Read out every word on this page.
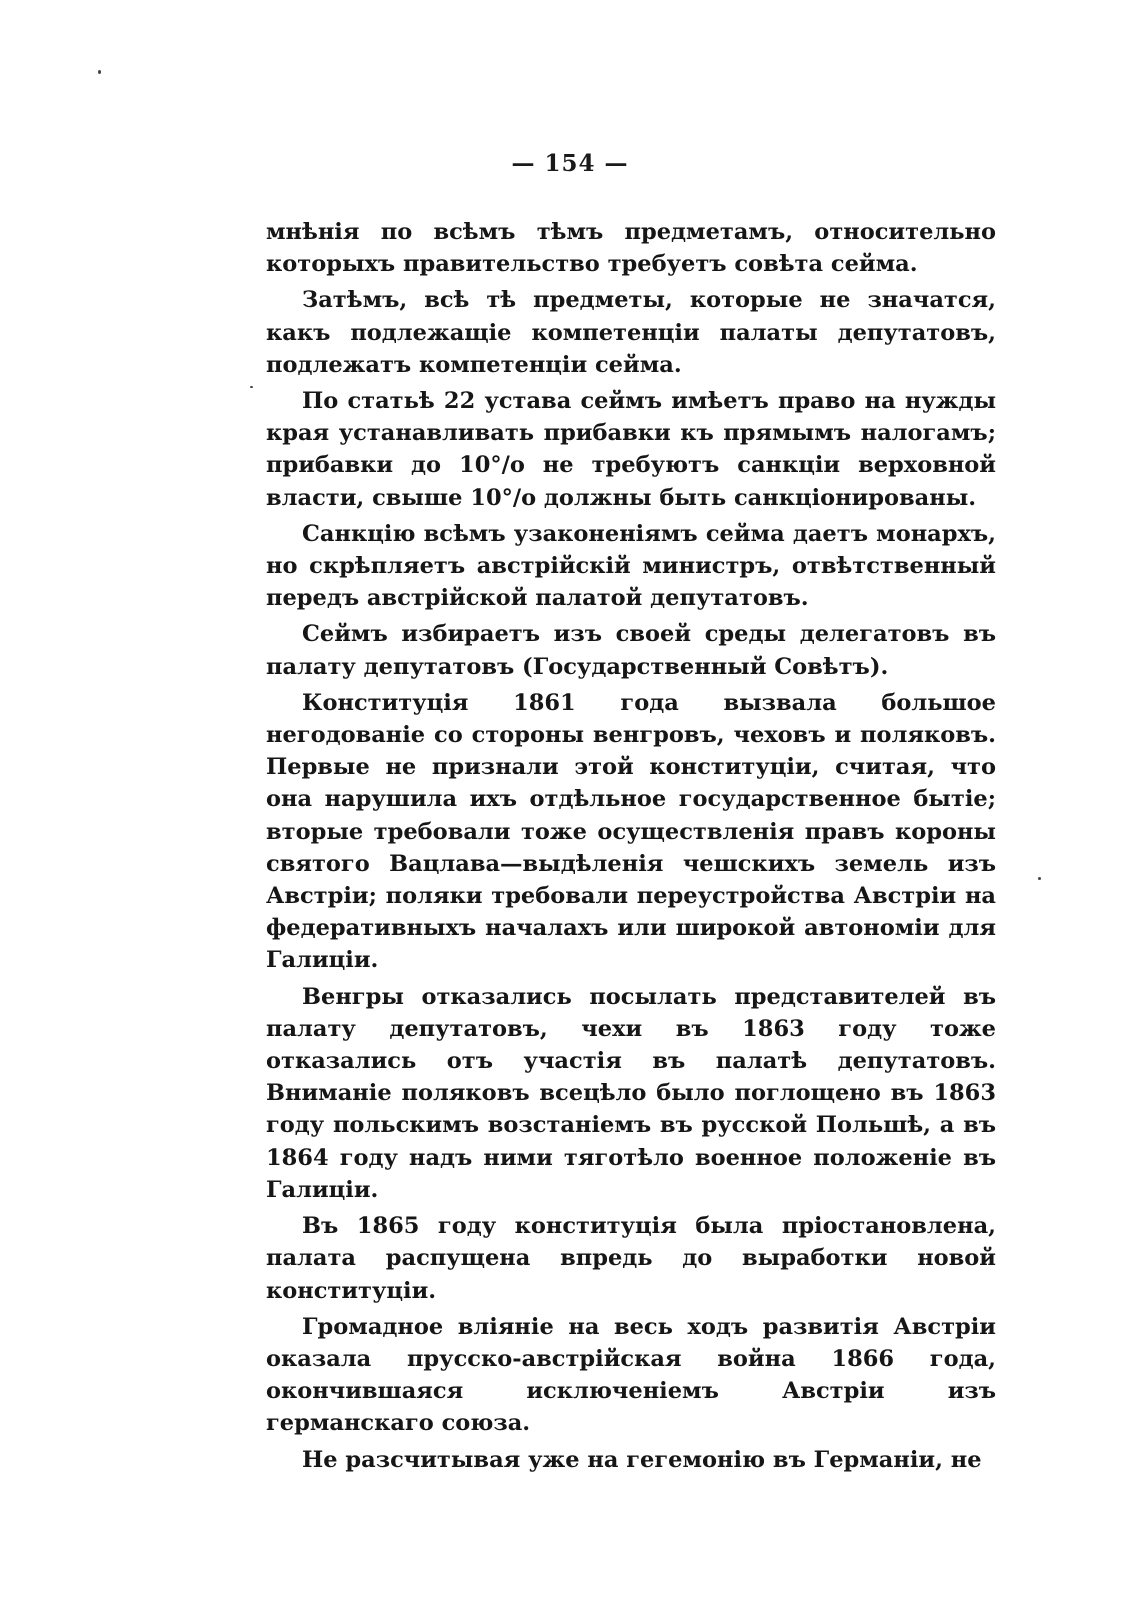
— 154 —

мнѣнія по всѣмъ тѣмъ предметамъ, относительно которыхъ правительство требуетъ совѣта сейма.

Затѣмъ, всѣ тѣ предметы, которые не значатся, какъ подлежащіе компетенціи палаты депутатовъ, подлежатъ компетенціи сейма.

По статьѣ 22 устава сеймъ имѣетъ право на нужды края устанавливать прибавки къ прямымъ налогамъ; прибавки до 10°/о не требуютъ санкціи верховной власти, свыше 10°/о должны быть санкціонированы.

Санкцію всѣмъ узаконеніямъ сейма даетъ монархъ, но скрѣпляетъ австрійскій министръ, отвѣтственный передъ австрійской палатой депутатовъ.

Сеймъ избираетъ изъ своей среды делегатовъ въ палату депутатовъ (Государственный Совѣтъ).

Конституція 1861 года вызвала большое негодованіе со стороны венгровъ, чеховъ и поляковъ. Первые не признали этой конституціи, считая, что она нарушила ихъ отдѣльное государственное бытіе; вторые требовали тоже осуществленія правъ короны святого Вацлава—выдѣленія чешскихъ земель изъ Австріи; поляки требовали переустройства Австріи на федеративныхъ началахъ или широкой автономіи для Галиціи.

Венгры отказались посылать представителей въ палату депутатовъ, чехи въ 1863 году тоже отказались отъ участія въ палатѣ депутатовъ. Вниманіе поляковъ всецѣло было поглощено въ 1863 году польскимъ возстаніемъ въ русской Польшѣ, а въ 1864 году надъ ними тяготѣло военное положеніе въ Галиціи.

Въ 1865 году конституція была пріостановлена, палата распущена впредь до выработки новой конституціи.

Громадное вліяніе на весь ходъ развитія Австріи оказала прусско-австрійская война 1866 года, окончившаяся исключеніемъ Австріи изъ германскаго союза.

Не разсчитывая уже на гегемонію въ Германіи, не
